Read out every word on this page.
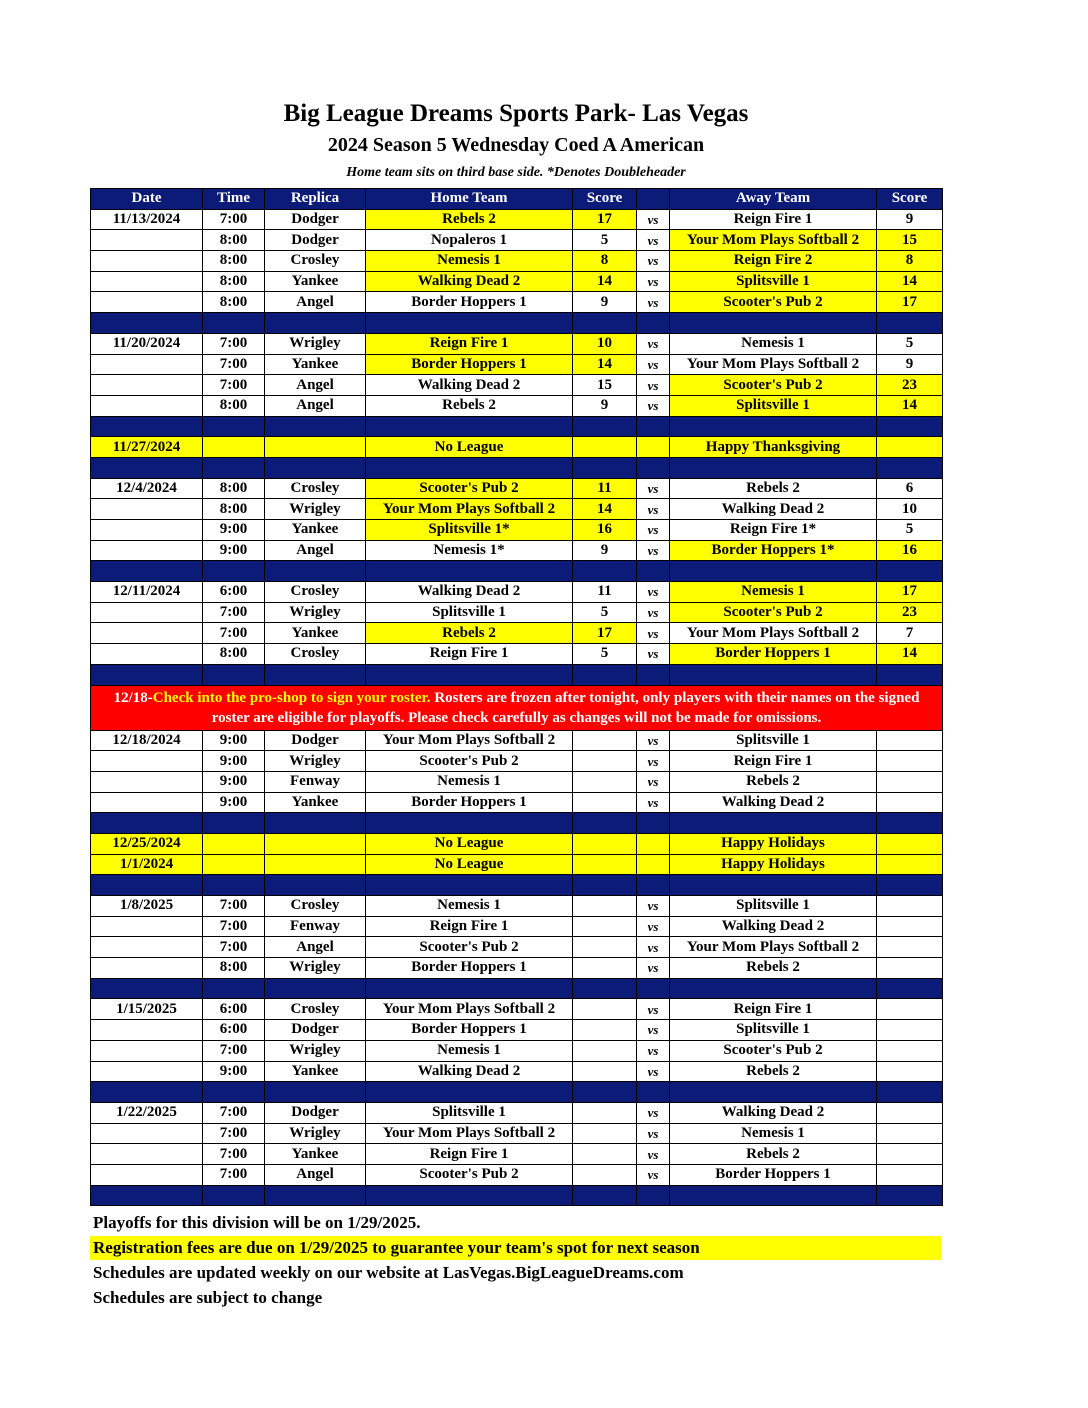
Big League Dreams Sports Park- Las Vegas
2024 Season 5 Wednesday Coed A American
Home team sits on third base side. *Denotes Doubleheader
Date	Time	Replica	Home Team	Score		Away Team	Score
11/13/2024	7:00	Dodger	Rebels 2	17	vs	Reign Fire 1	9
	8:00	Dodger	Nopaleros 1	5	vs	Your Mom Plays Softball 2	15
	8:00	Crosley	Nemesis 1	8	vs	Reign Fire 2	8
	8:00	Yankee	Walking Dead 2	14	vs	Splitsville 1	14
	8:00	Angel	Border Hoppers 1	9	vs	Scooter's Pub 2	17

11/20/2024	7:00	Wrigley	Reign Fire 1	10	vs	Nemesis 1	5
	7:00	Yankee	Border Hoppers 1	14	vs	Your Mom Plays Softball 2	9
	7:00	Angel	Walking Dead 2	15	vs	Scooter's Pub 2	23
	8:00	Angel	Rebels 2	9	vs	Splitsville 1	14

11/27/2024			No League			Happy Thanksgiving	

12/4/2024	8:00	Crosley	Scooter's Pub 2	11	vs	Rebels 2	6
	8:00	Wrigley	Your Mom Plays Softball 2	14	vs	Walking Dead 2	10
	9:00	Yankee	Splitsville 1*	16	vs	Reign Fire 1*	5
	9:00	Angel	Nemesis 1*	9	vs	Border Hoppers 1*	16

12/11/2024	6:00	Crosley	Walking Dead 2	11	vs	Nemesis 1	17
	7:00	Wrigley	Splitsville 1	5	vs	Scooter's Pub 2	23
	7:00	Yankee	Rebels 2	17	vs	Your Mom Plays Softball 2	7
	8:00	Crosley	Reign Fire 1	5	vs	Border Hoppers 1	14

12/18-Check into the pro-shop to sign your roster. Rosters are frozen after tonight, only players with their names on the signed roster are eligible for playoffs. Please check carefully as changes will not be made for omissions.							
12/18/2024	9:00	Dodger	Your Mom Plays Softball 2		vs	Splitsville 1	
	9:00	Wrigley	Scooter's Pub 2		vs	Reign Fire 1	
	9:00	Fenway	Nemesis 1		vs	Rebels 2	
	9:00	Yankee	Border Hoppers 1		vs	Walking Dead 2	

12/25/2024			No League			Happy Holidays	
1/1/2024			No League			Happy Holidays	

1/8/2025	7:00	Crosley	Nemesis 1		vs	Splitsville 1	
	7:00	Fenway	Reign Fire 1		vs	Walking Dead 2	
	7:00	Angel	Scooter's Pub 2		vs	Your Mom Plays Softball 2	
	8:00	Wrigley	Border Hoppers 1		vs	Rebels 2	

1/15/2025	6:00	Crosley	Your Mom Plays Softball 2		vs	Reign Fire 1	
	6:00	Dodger	Border Hoppers 1		vs	Splitsville 1	
	7:00	Wrigley	Nemesis 1		vs	Scooter's Pub 2	
	9:00	Yankee	Walking Dead 2		vs	Rebels 2	

1/22/2025	7:00	Dodger	Splitsville 1		vs	Walking Dead 2	
	7:00	Wrigley	Your Mom Plays Softball 2		vs	Nemesis 1	
	7:00	Yankee	Reign Fire 1		vs	Rebels 2	
	7:00	Angel	Scooter's Pub 2		vs	Border Hoppers 1	

Playoffs for this division will be on 1/29/2025.
Registration fees are due on 1/29/2025 to guarantee your team's spot for next season
Schedules are updated weekly on our website at LasVegas.BigLeagueDreams.com
Schedules are subject to change
